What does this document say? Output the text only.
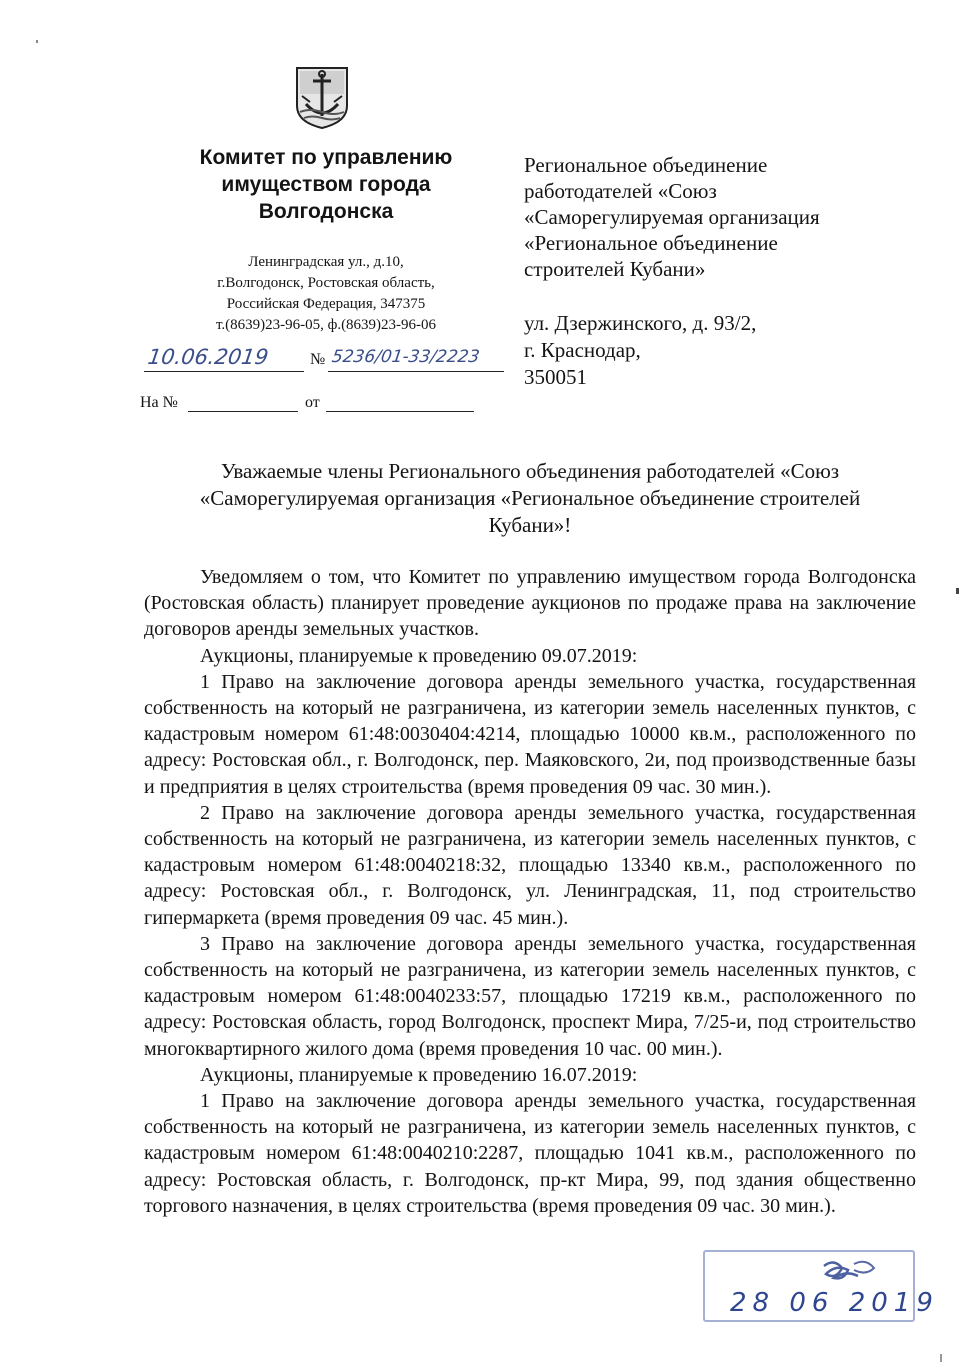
Комитет по управлению
имуществом города
Волгодонска
Ленинградская ул., д.10,
г.Волгодонск, Ростовская область,
Российская Федерация, 347375
т.(8639)23-96-05, ф.(8639)23-96-06
10.06.2019	№ 5236/01-33/2223
На №	от
Региональное объединение
работодателей «Союз
«Саморегулируемая организация
«Региональное объединение
строителей Кубани»
ул. Дзержинского, д. 93/2,
г. Краснодар,
350051
Уважаемые члены Регионального объединения работодателей «Союз
«Саморегулируемая организация «Региональное объединение строителей
Кубани»!

Уведомляем о том, что Комитет по управлению имуществом города Волгодонска (Ростовская область) планирует проведение аукционов по продаже права на заключение договоров аренды земельных участков.

Аукционы, планируемые к проведению 09.07.2019:

1 Право на заключение договора аренды земельного участка, государственная собственность на который не разграничена, из категории земель населенных пунктов, с кадастровым номером 61:48:0030404:4214, площадью 10000 кв.м., расположенного по адресу: Ростовская обл., г. Волгодонск, пер. Маяковского, 2и, под производственные базы и предприятия в целях строительства (время проведения 09 час. 30 мин.).

2 Право на заключение договора аренды земельного участка, государственная собственность на который не разграничена, из категории земель населенных пунктов, с кадастровым номером 61:48:0040218:32, площадью 13340 кв.м., расположенного по адресу: Ростовская обл., г. Волгодонск, ул. Ленинградская, 11, под строительство гипермаркета (время проведения 09 час. 45 мин.).

3 Право на заключение договора аренды земельного участка, государственная собственность на который не разграничена, из категории земель населенных пунктов, с кадастровым номером 61:48:0040233:57, площадью 17219 кв.м., расположенного по адресу: Ростовская область, город Волгодонск, проспект Мира, 7/25-и, под строительство многоквартирного жилого дома (время проведения 10 час. 00 мин.).

Аукционы, планируемые к проведению 16.07.2019:

1 Право на заключение договора аренды земельного участка, государственная собственность на который не разграничена, из категории земель населенных пунктов, с кадастровым номером 61:48:0040210:2287, площадью 1041 кв.м., расположенного по адресу: Ростовская область, г. Волгодонск, пр-кт Мира, 99, под здания общественно торгового назначения, в целях строительства (время проведения 09 час. 30 мин.).

28 06 2019
